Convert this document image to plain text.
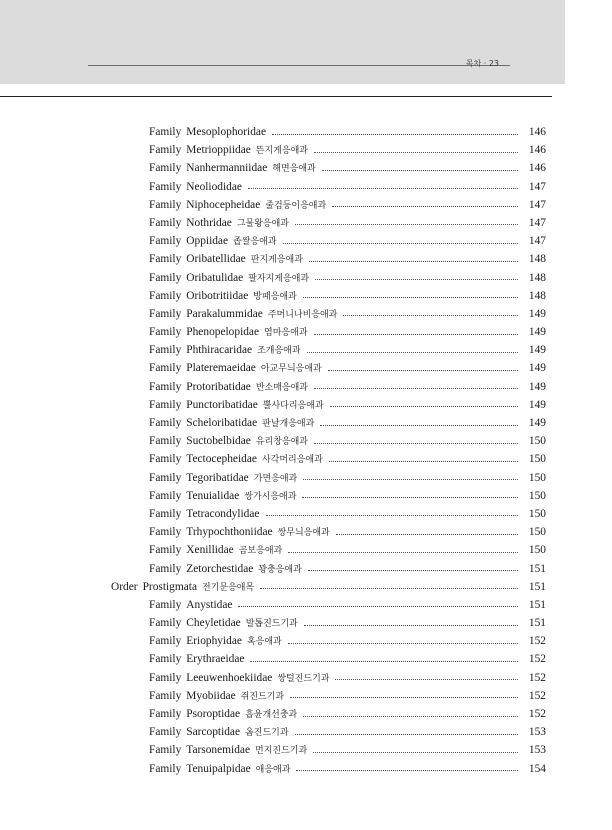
목차 · 23
Family Mesoplophoridae	146
Family Metrioppiidae 뜬지게응애과	146
Family Nanhermanniidae 해면응애과	146
Family Neoliodidae	147
Family Niphocepheidae 줄검둥이응애과	147
Family Nothridae 그물왕응애과	147
Family Oppiidae 좁쌀응애과	147
Family Oribatellidae 판지게응애과	148
Family Oribatulidae 팔자지게응애과	148
Family Oribotritiidae 방패응애과	148
Family Parakalummidae 주머니나비응애과	149
Family Phenopelopidae 염마응애과	149
Family Phthiracaridae 조개응애과	149
Family Plateremaeidae 아교무늬응애과	149
Family Protoribatidae 반소매응애과	149
Family Punctoribatidae 뿔사다리응애과	149
Family Scheloribatidae 판날개응애과	149
Family Suctobelbidae 유리창응애과	150
Family Tectocepheidae 사각머리응애과	150
Family Tegoribatidae 가면응애과	150
Family Tenuialidae 쌍가시응애과	150
Family Tetracondylidae	150
Family Trhypochthoniidae 쌍무늬응애과	150
Family Xenillidae 곰보응애과	150
Family Zetorchestidae 꽝충응애과	151
Order Prostigmata 전기문응애목	151
Family Anystidae	151
Family Cheyletidae 발톱진드기과	151
Family Eriophyidae 혹응애과	152
Family Erythraeidae	152
Family Leeuwenhoekiidae 쌍털진드기과	152
Family Myobiidae 쥐진드기과	152
Family Psoroptidae 흡윤개선충과	152
Family Sarcoptidae 옴진드기과	153
Family Tarsonemidae 먼지진드기과	153
Family Tenuipalpidae 애응애과	154
